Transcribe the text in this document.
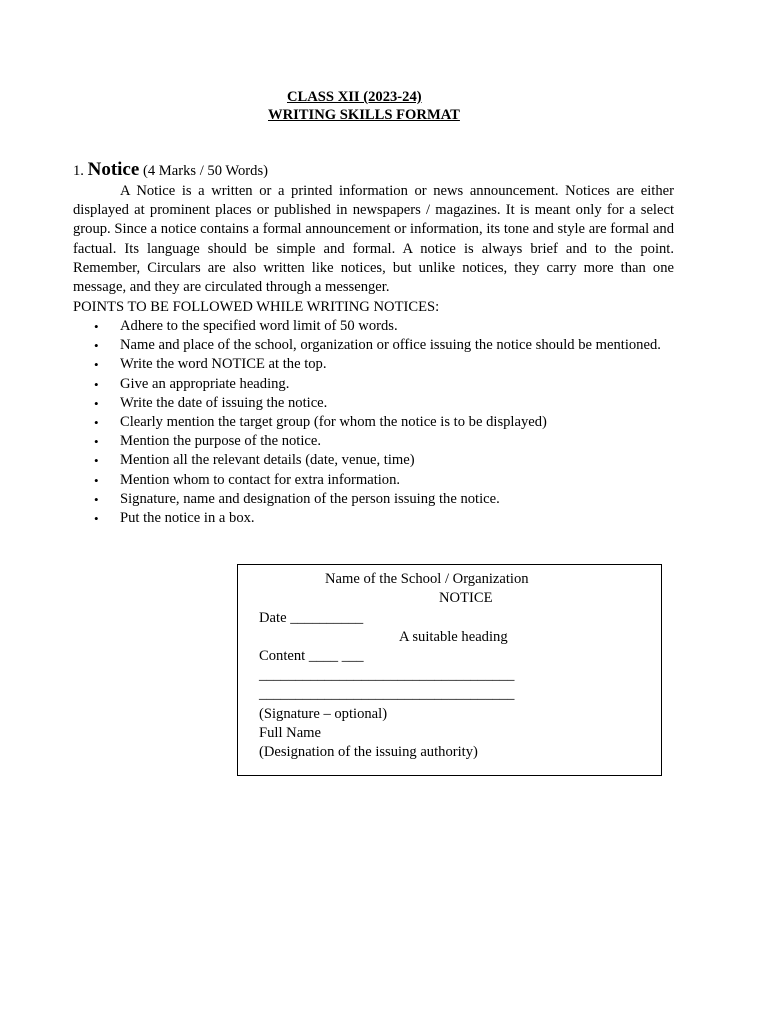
CLASS XII (2023-24)
WRITING SKILLS FORMAT
1. Notice (4 Marks / 50 Words)

A Notice is a written or a printed information or news announcement. Notices are either displayed at prominent places or published in newspapers / magazines. It is meant only for a select group. Since a notice contains a formal announcement or information, its tone and style are formal and factual. Its language should be simple and formal. A notice is always brief and to the point. Remember, Circulars are also written like notices, but unlike notices, they carry more than one message, and they are circulated through a messenger.

POINTS TO BE FOLLOWED WHILE WRITING NOTICES:
• Adhere to the specified word limit of 50 words.
• Name and place of the school, organization or office issuing the notice should be mentioned.
• Write the word NOTICE at the top.
• Give an appropriate heading.
• Write the date of issuing the notice.
• Clearly mention the target group (for whom the notice is to be displayed)
• Mention the purpose of the notice.
• Mention all the relevant details (date, venue, time)
• Mention whom to contact for extra information.
• Signature, name and designation of the person issuing the notice.
• Put the notice in a box.
Name of the School / Organization
NOTICE
Date __________
A suitable heading
Content ____ ___
___________________________________
___________________________________
(Signature – optional)
Full Name
(Designation of the issuing authority)
